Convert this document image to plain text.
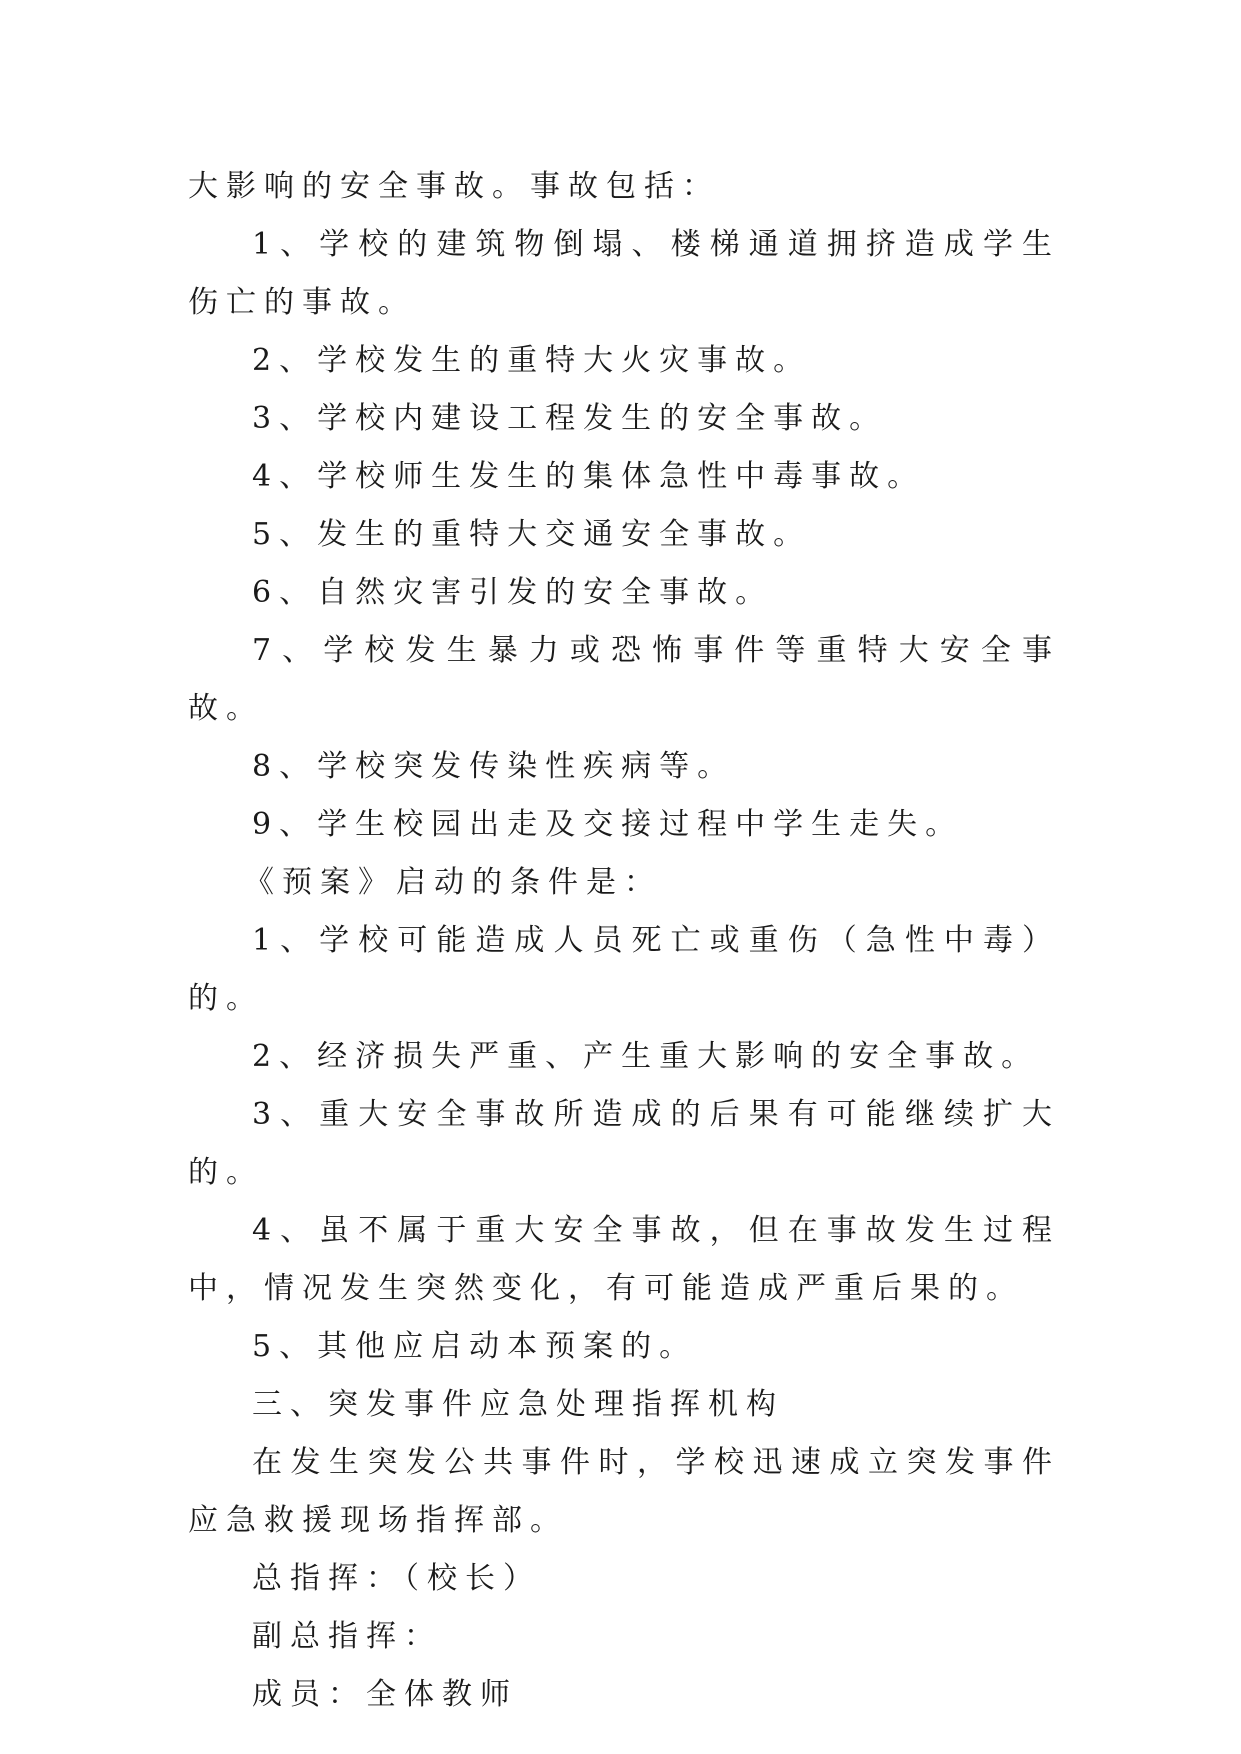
大影响的安全事故。事故包括：

1、学校的建筑物倒塌、楼梯通道拥挤造成学生伤亡的事故。

2、学校发生的重特大火灾事故。

3、学校内建设工程发生的安全事故。

4、学校师生发生的集体急性中毒事故。

5、发生的重特大交通安全事故。

6、自然灾害引发的安全事故。

7、学校发生暴力或恐怖事件等重特大安全事故。

8、学校突发传染性疾病等。

9、学生校园出走及交接过程中学生走失。

《预案》启动的条件是：

1、学校可能造成人员死亡或重伤（急性中毒）的。

2、经济损失严重、产生重大影响的安全事故。

3、重大安全事故所造成的后果有可能继续扩大的。

4、虽不属于重大安全事故，但在事故发生过程中，情况发生突然变化，有可能造成严重后果的。

5、其他应启动本预案的。

三、突发事件应急处理指挥机构

在发生突发公共事件时，学校迅速成立突发事件应急救援现场指挥部。

总指挥：（校长）

副总指挥：

成员：全体教师
